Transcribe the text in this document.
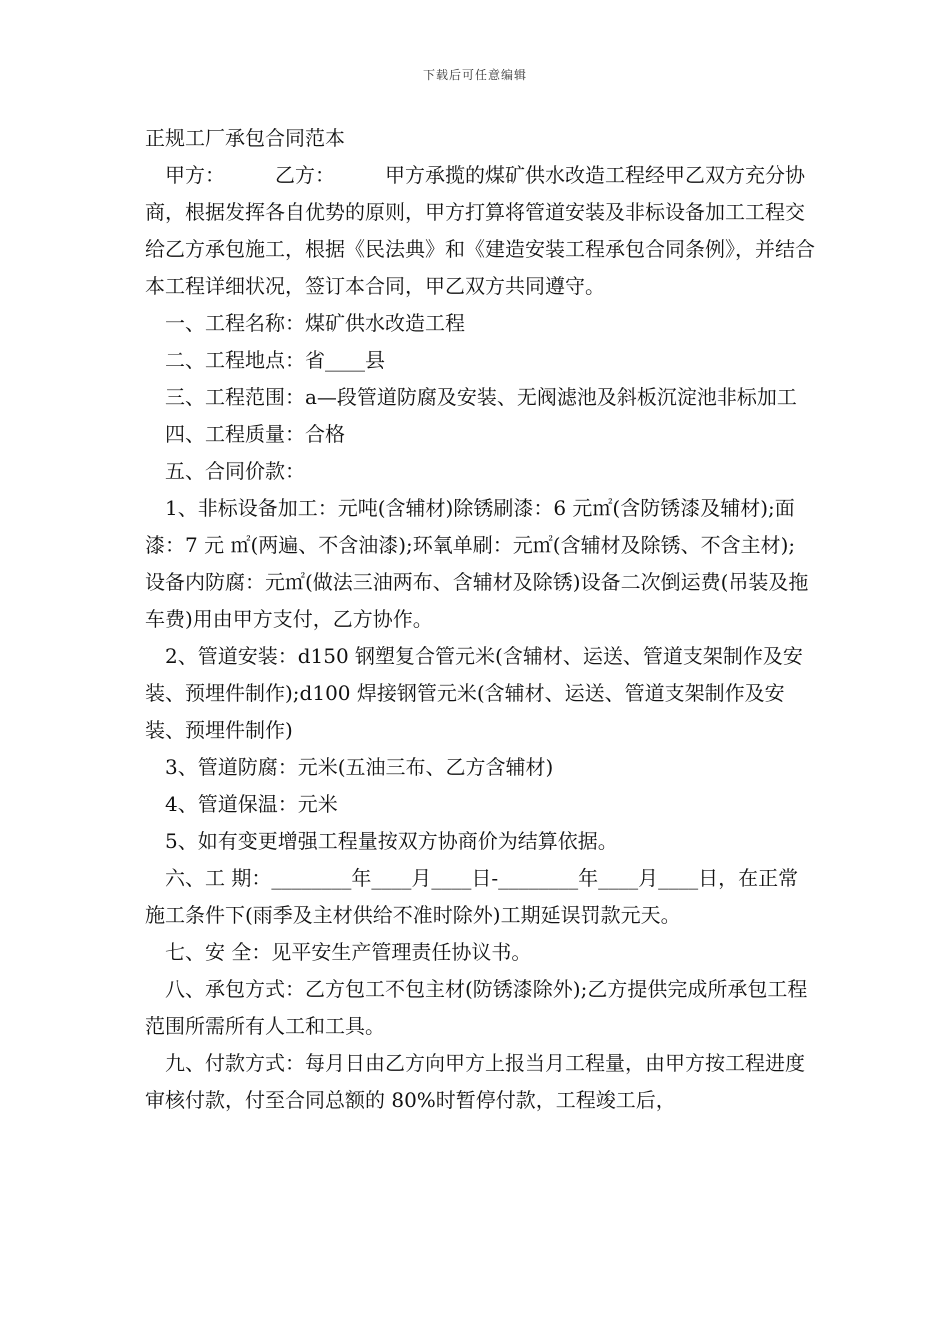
下载后可任意编辑

正规工厂承包合同范本

　甲方：　　　乙方：　　　甲方承揽的煤矿供水改造工程经甲乙双方充分协商，根据发挥各自优势的原则，甲方打算将管道安装及非标设备加工工程交给乙方承包施工，根据《民法典》和《建造安装工程承包合同条例》，并结合本工程详细状况，签订本合同，甲乙双方共同遵守。

　一、工程名称：煤矿供水改造工程

　二、工程地点：省____县

　三、工程范围：a—段管道防腐及安装、无阀滤池及斜板沉淀池非标加工

　四、工程质量：合格

　五、合同价款：

　1、非标设备加工：元吨(含辅材)除锈刷漆：6 元㎡(含防锈漆及辅材);面漆：7 元 ㎡(两遍、不含油漆);环氧单刷：元㎡(含辅材及除锈、不含主材);设备内防腐：元㎡(做法三油两布、含辅材及除锈)设备二次倒运费(吊装及拖车费)用由甲方支付，乙方协作。

　2、管道安装：d150 钢塑复合管元米(含辅材、运送、管道支架制作及安装、预埋件制作);d100 焊接钢管元米(含辅材、运送、管道支架制作及安装、预埋件制作)

　3、管道防腐：元米(五油三布、乙方含辅材)

　4、管道保温：元米

　5、如有变更增强工程量按双方协商价为结算依据。

　六、工 期：________年____月____日-________年____月____日，在正常施工条件下(雨季及主材供给不准时除外)工期延误罚款元天。

　七、安 全：见平安生产管理责任协议书。

　八、承包方式：乙方包工不包主材(防锈漆除外);乙方提供完成所承包工程范围所需所有人工和工具。

　九、付款方式：每月日由乙方向甲方上报当月工程量，由甲方按工程进度审核付款，付至合同总额的 80%时暂停付款，工程竣工后，
